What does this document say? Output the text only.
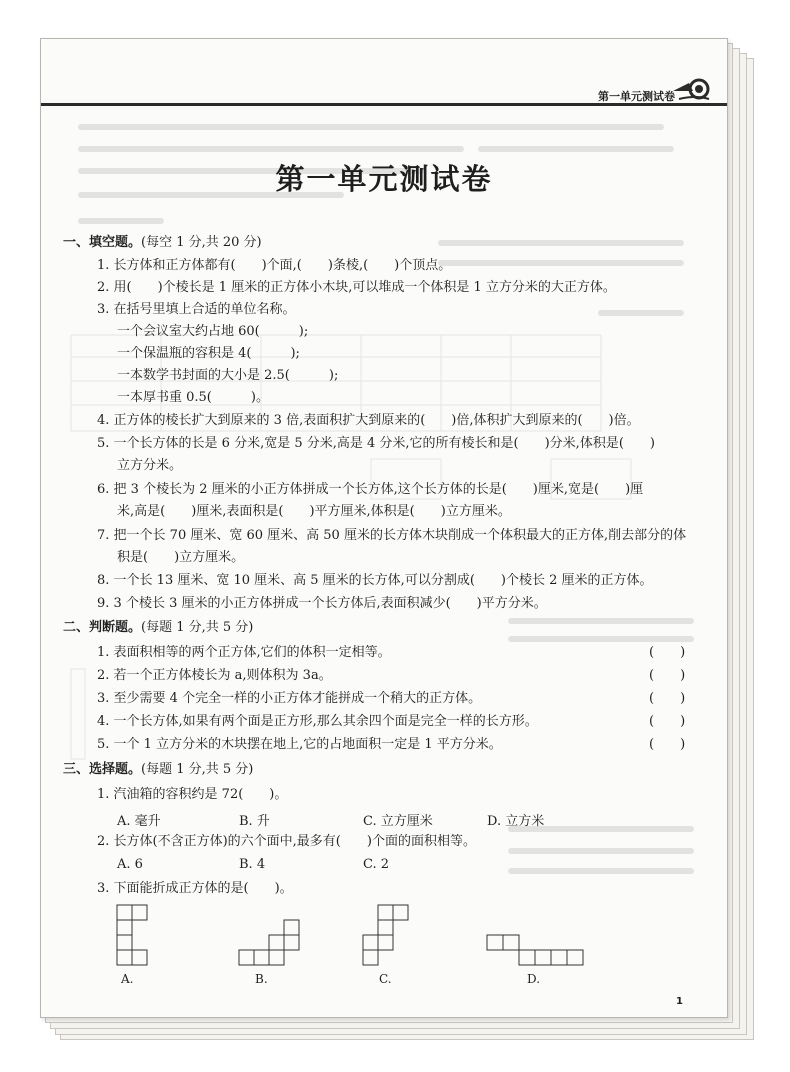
第一单元测试卷
第一单元测试卷
一、填空题。(每空 1 分,共 20 分)
1. 长方体和正方体都有(　　)个面,(　　)条棱,(　　)个顶点。
2. 用(　　)个棱长是 1 厘米的正方体小木块,可以堆成一个体积是 1 立方分米的大正方体。
3. 在括号里填上合适的单位名称。
一个会议室大约占地 60(　　　);
一个保温瓶的容积是 4(　　　);
一本数学书封面的大小是 2.5(　　　);
一本厚书重 0.5(　　　)。
4. 正方体的棱长扩大到原来的 3 倍,表面积扩大到原来的(　　)倍,体积扩大到原来的(　　)倍。
5. 一个长方体的长是 6 分米,宽是 5 分米,高是 4 分米,它的所有棱长和是(　　)分米,体积是(　　)
立方分米。
6. 把 3 个棱长为 2 厘米的小正方体拼成一个长方体,这个长方体的长是(　　)厘米,宽是(　　)厘
米,高是(　　)厘米,表面积是(　　)平方厘米,体积是(　　)立方厘米。
7. 把一个长 70 厘米、宽 60 厘米、高 50 厘米的长方体木块削成一个体积最大的正方体,削去部分的体
积是(　　)立方厘米。
8. 一个长 13 厘米、宽 10 厘米、高 5 厘米的长方体,可以分割成(　　)个棱长 2 厘米的正方体。
9. 3 个棱长 3 厘米的小正方体拼成一个长方体后,表面积减少(　　)平方分米。
二、判断题。(每题 1 分,共 5 分)
1. 表面积相等的两个正方体,它们的体积一定相等。	(　　)
2. 若一个正方体棱长为 a,则体积为 3a。	(　　)
3. 至少需要 4 个完全一样的小正方体才能拼成一个稍大的正方体。	(　　)
4. 一个长方体,如果有两个面是正方形,那么其余四个面是完全一样的长方形。	(　　)
5. 一个 1 立方分米的木块摆在地上,它的占地面积一定是 1 平方分米。	(　　)
三、选择题。(每题 1 分,共 5 分)
1. 汽油箱的容积约是 72(　　)。
A. 毫升	B. 升	C. 立方厘米	D. 立方米
2. 长方体(不含正方体)的六个面中,最多有(　　)个面的面积相等。
A. 6	B. 4	C. 2
3. 下面能折成正方体的是(　　)。
A.	B.	C.	D.
1
